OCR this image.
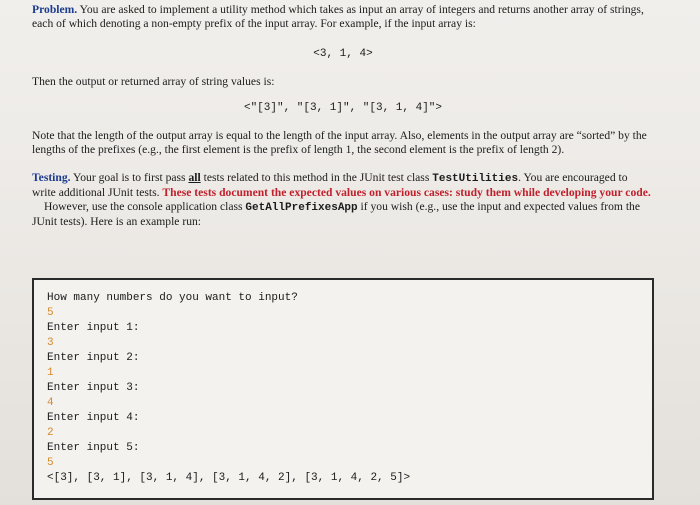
Problem. You are asked to implement a utility method which takes as input an array of integers and returns another array of strings, each of which denoting a non-empty prefix of the input array. For example, if the input array is:

<3, 1, 4>

Then the output or returned array of string values is:

<"[3]", "[3, 1]", "[3, 1, 4]">

Note that the length of the output array is equal to the length of the input array. Also, elements in the output array are “sorted” by the lengths of the prefixes (e.g., the first element is the prefix of length 1, the second element is the prefix of length 2).

Testing. Your goal is to first pass all tests related to this method in the JUnit test class TestUtilities. You are encouraged to write additional JUnit tests. These tests document the expected values on various cases: study them while developing your code.

However, use the console application class GetAllPrefixesApp if you wish (e.g., use the input and expected values from the JUnit tests). Here is an example run:

How many numbers do you want to input?
5
Enter input 1:
3
Enter input 2:
1
Enter input 3:
4
Enter input 4:
2
Enter input 5:
5
<[3], [3, 1], [3, 1, 4], [3, 1, 4, 2], [3, 1, 4, 2, 5]>
